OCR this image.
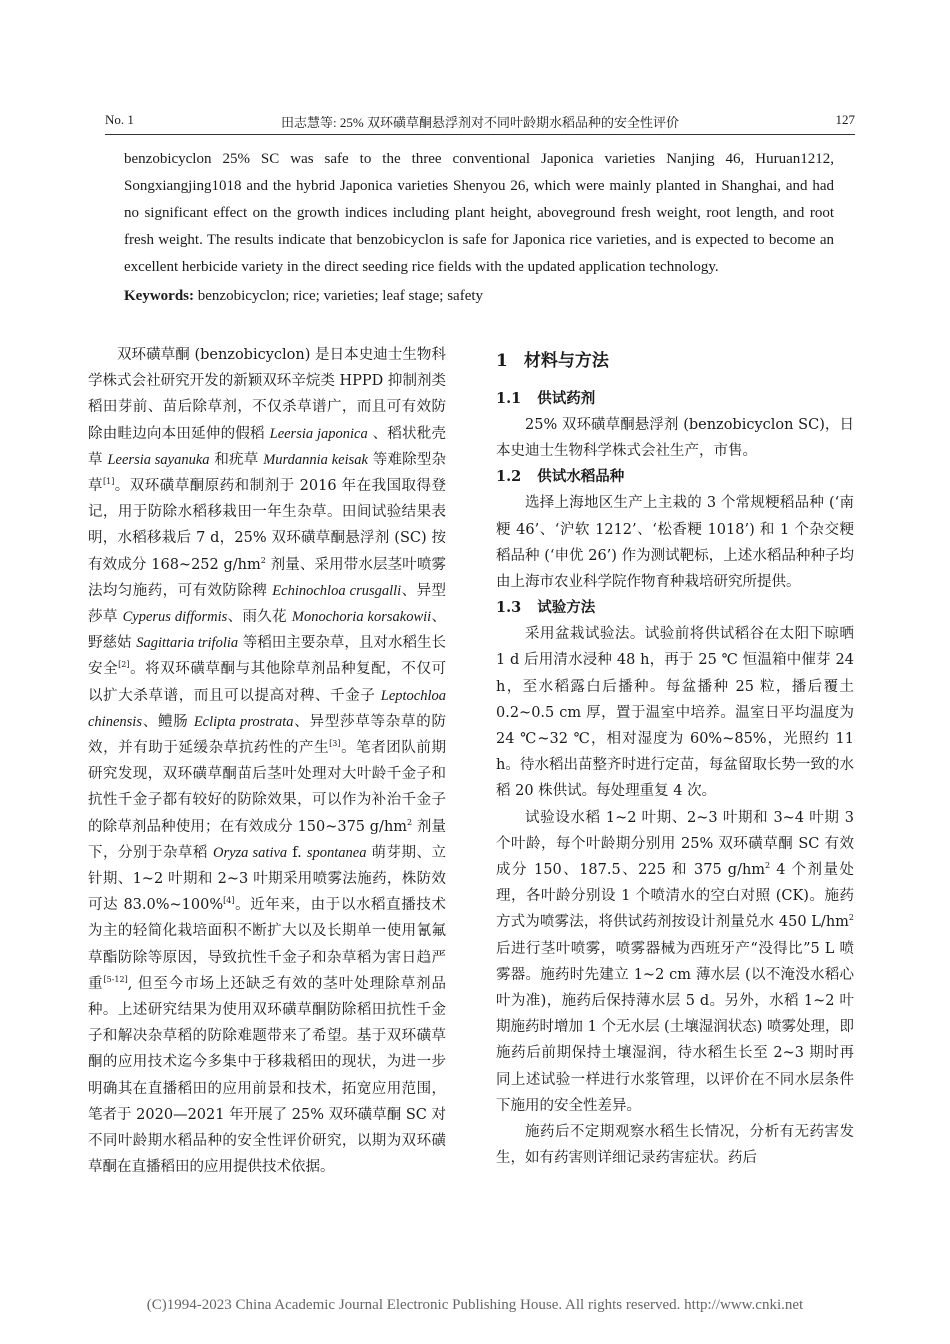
No. 1	田志慧等: 25% 双环磺草酮悬浮剂对不同叶龄期水稻品种的安全性评价	127

benzobicyclon 25% SC was safe to the three conventional Japonica varieties Nanjing 46, Huruan1212, Songxiangjing1018 and the hybrid Japonica varieties Shenyou 26, which were mainly planted in Shanghai, and had no significant effect on the growth indices including plant height, aboveground fresh weight, root length, and root fresh weight. The results indicate that benzobicyclon is safe for Japonica rice varieties, and is expected to become an excellent herbicide variety in the direct seeding rice fields with the updated application technology.

Keywords: benzobicyclon; rice; varieties; leaf stage; safety

双环磺草酮 (benzobicyclon) 是日本史迪士生物科学株式会社研究开发的新颖双环辛烷类 HPPD 抑制剂类稻田芽前、苗后除草剂，不仅杀草谱广，而且可有效防除由畦边向本田延伸的假稻 Leersia japonica 、稻状秕壳草 Leersia sayanuka 和疣草 Murdannia keisak 等难除型杂草[1]。双环磺草酮原药和制剂于 2016 年在我国取得登记，用于防除水稻移栽田一年生杂草。田间试验结果表明，水稻移栽后 7 d，25% 双环磺草酮悬浮剂 (SC) 按有效成分 168~252 $g/hm^2$ 剂量、采用带水层茎叶喷雾法均匀施药，可有效防除稗 Echinochloa crusgalli、异型莎草 Cyperus difformis、雨久花 Monochoria korsakowii、野慈姑 Sagittaria trifolia 等稻田主要杂草，且对水稻生长安全[2]。将双环磺草酮与其他除草剂品种复配，不仅可以扩大杀草谱，而且可以提高对稗、千金子 Leptochloa chinensis、鳢肠 Eclipta prostrata、异型莎草等杂草的防效，并有助于延缓杂草抗药性的产生[3]。笔者团队前期研究发现，双环磺草酮苗后茎叶处理对大叶龄千金子和抗性千金子都有较好的防除效果，可以作为补治千金子的除草剂品种使用；在有效成分 150~375 $g/hm^2$ 剂量下，分别于杂草稻 Oryza sativa f. spontanea 萌芽期、立针期、1~2 叶期和 2~3 叶期采用喷雾法施药，株防效可达 83.0%~100%[4]。近年来，由于以水稻直播技术为主的轻简化栽培面积不断扩大以及长期单一使用氰氟草酯防除等原因，导致抗性千金子和杂草稻为害日趋严重[5-12], 但至今市场上还缺乏有效的茎叶处理除草剂品种。上述研究结果为使用双环磺草酮防除稻田抗性千金子和解决杂草稻的防除难题带来了希望。基于双环磺草酮的应用技术迄今多集中于移栽稻田的现状，为进一步明确其在直播稻田的应用前景和技术，拓宽应用范围，笔者于 2020—2021 年开展了 25% 双环磺草酮 SC 对不同叶龄期水稻品种的安全性评价研究，以期为双环磺草酮在直播稻田的应用提供技术依据。

1 材料与方法
1.1 供试药剂

25% 双环磺草酮悬浮剂 (benzobicyclon SC)，日本史迪士生物科学株式会社生产，市售。

1.2 供试水稻品种

选择上海地区生产上主栽的 3 个常规粳稻品种 (‘南粳 46’、‘沪软 1212’、‘松香粳 1018’) 和 1 个杂交粳稻品种 (‘申优 26’) 作为测试靶标，上述水稻品种种子均由上海市农业科学院作物育种栽培研究所提供。

1.3 试验方法

采用盆栽试验法。试验前将供试稻谷在太阳下晾晒 1 d 后用清水浸种 48 h，再于 25 ℃ 恒温箱中催芽 24 h，至水稻露白后播种。每盆播种 25 粒，播后覆土 0.2~0.5 cm 厚，置于温室中培养。温室日平均温度为 24 ℃~32 ℃，相对湿度为 60%~85%，光照约 11 h。待水稻出苗整齐时进行定苗，每盆留取长势一致的水稻 20 株供试。每处理重复 4 次。

试验设水稻 1~2 叶期、2~3 叶期和 3~4 叶期 3 个叶龄，每个叶龄期分别用 25% 双环磺草酮 SC 有效成分 150、187.5、225 和 375 $g/hm^2$ 4 个剂量处理，各叶龄分别设 1 个喷清水的空白对照 (CK)。施药方式为喷雾法，将供试药剂按设计剂量兑水 450 $L/hm^2$ 后进行茎叶喷雾，喷雾器械为西班牙产“没得比”5 L 喷雾器。施药时先建立 1~2 cm 薄水层 (以不淹没水稻心叶为准)，施药后保持薄水层 5 d。另外，水稻 1~2 叶期施药时增加 1 个无水层 (土壤湿润状态) 喷雾处理，即施药后前期保持土壤湿润，待水稻生长至 2~3 期时再同上述试验一样进行水浆管理，以评价在不同水层条件下施用的安全性差异。

施药后不定期观察水稻生长情况，分析有无药害发生，如有药害则详细记录药害症状。药后

(C)1994-2023 China Academic Journal Electronic Publishing House. All rights reserved. http://www.cnki.net
